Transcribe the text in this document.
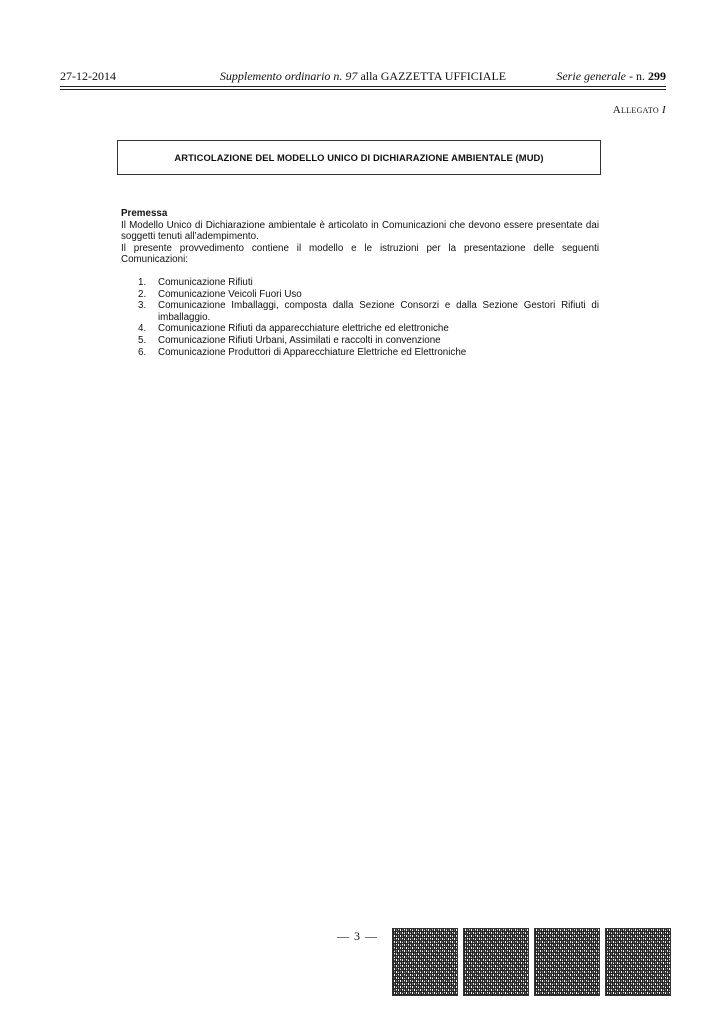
27-12-2014	Supplemento ordinario n. 97 alla GAZZETTA UFFICIALE	Serie generale - n. 299
Allegato I
ARTICOLAZIONE DEL MODELLO UNICO DI DICHIARAZIONE AMBIENTALE (MUD)

Premessa

Il Modello Unico di Dichiarazione ambientale è articolato in Comunicazioni che devono essere presentate dai soggetti tenuti all’adempimento.

Il presente provvedimento contiene il modello e le istruzioni per la presentazione delle seguenti Comunicazioni:

1. Comunicazione Rifiuti
2. Comunicazione Veicoli Fuori Uso
3. Comunicazione Imballaggi, composta dalla Sezione Consorzi e dalla Sezione Gestori Rifiuti di imballaggio.
4. Comunicazione Rifiuti da apparecchiature elettriche ed elettroniche
5. Comunicazione Rifiuti Urbani, Assimilati e raccolti in convenzione
6. Comunicazione Produttori di Apparecchiature Elettriche ed Elettroniche
— 3 —
